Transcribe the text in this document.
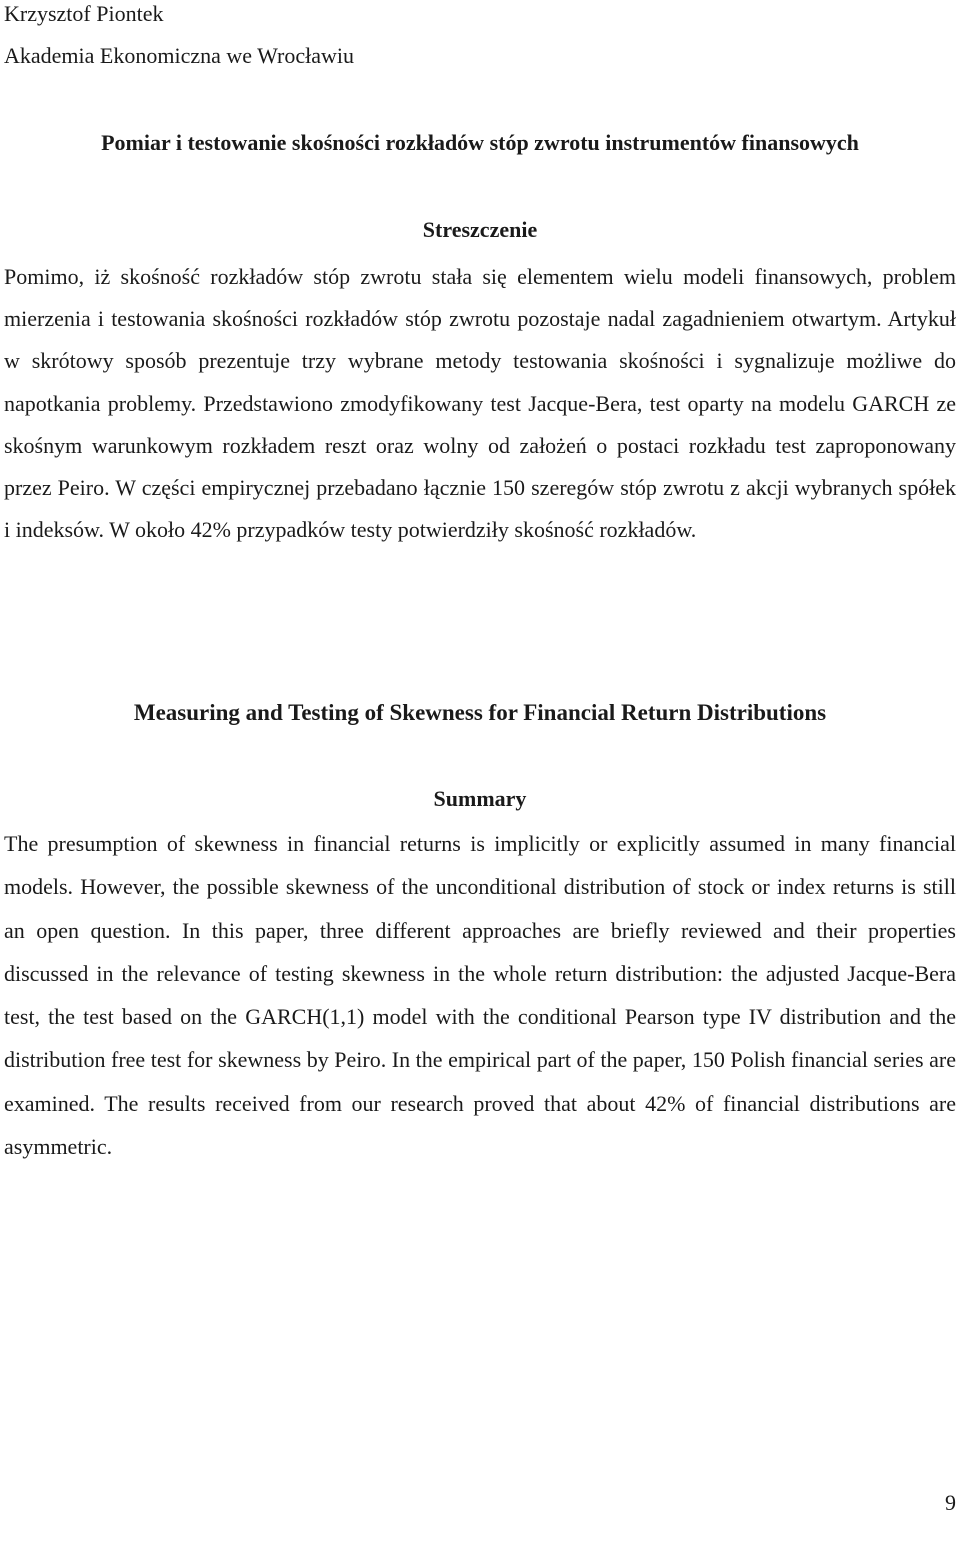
Krzysztof Piontek

Akademia Ekonomiczna we Wrocławiu

Pomiar i testowanie skośności rozkładów stóp zwrotu instrumentów finansowych
Streszczenie

Pomimo, iż skośność rozkładów stóp zwrotu stała się elementem wielu modeli finansowych, problem mierzenia i testowania skośności rozkładów stóp zwrotu pozostaje nadal zagadnieniem otwartym. Artykuł w skrótowy sposób prezentuje trzy wybrane metody testowania skośności i sygnalizuje możliwe do napotkania problemy. Przedstawiono zmodyfikowany test Jacque-Bera, test oparty na modelu GARCH ze skośnym warunkowym rozkładem reszt oraz wolny od założeń o postaci rozkładu test zaproponowany przez Peiro. W części empirycznej przebadano łącznie 150 szeregów stóp zwrotu z akcji wybranych spółek i indeksów. W około 42% przypadków testy potwierdziły skośność rozkładów.

Measuring and Testing of Skewness for Financial Return Distributions
Summary

The presumption of skewness in financial returns is implicitly or explicitly assumed in many financial models. However, the possible skewness of the unconditional distribution of stock or index returns is still an open question. In this paper, three different approaches are briefly reviewed and their properties discussed in the relevance of testing skewness in the whole return distribution: the adjusted Jacque-Bera test, the test based on the GARCH(1,1) model with the conditional Pearson type IV distribution and the distribution free test for skewness by Peiro. In the empirical part of the paper, 150 Polish financial series are examined. The results received from our research proved that about 42% of financial distributions are asymmetric.

9
